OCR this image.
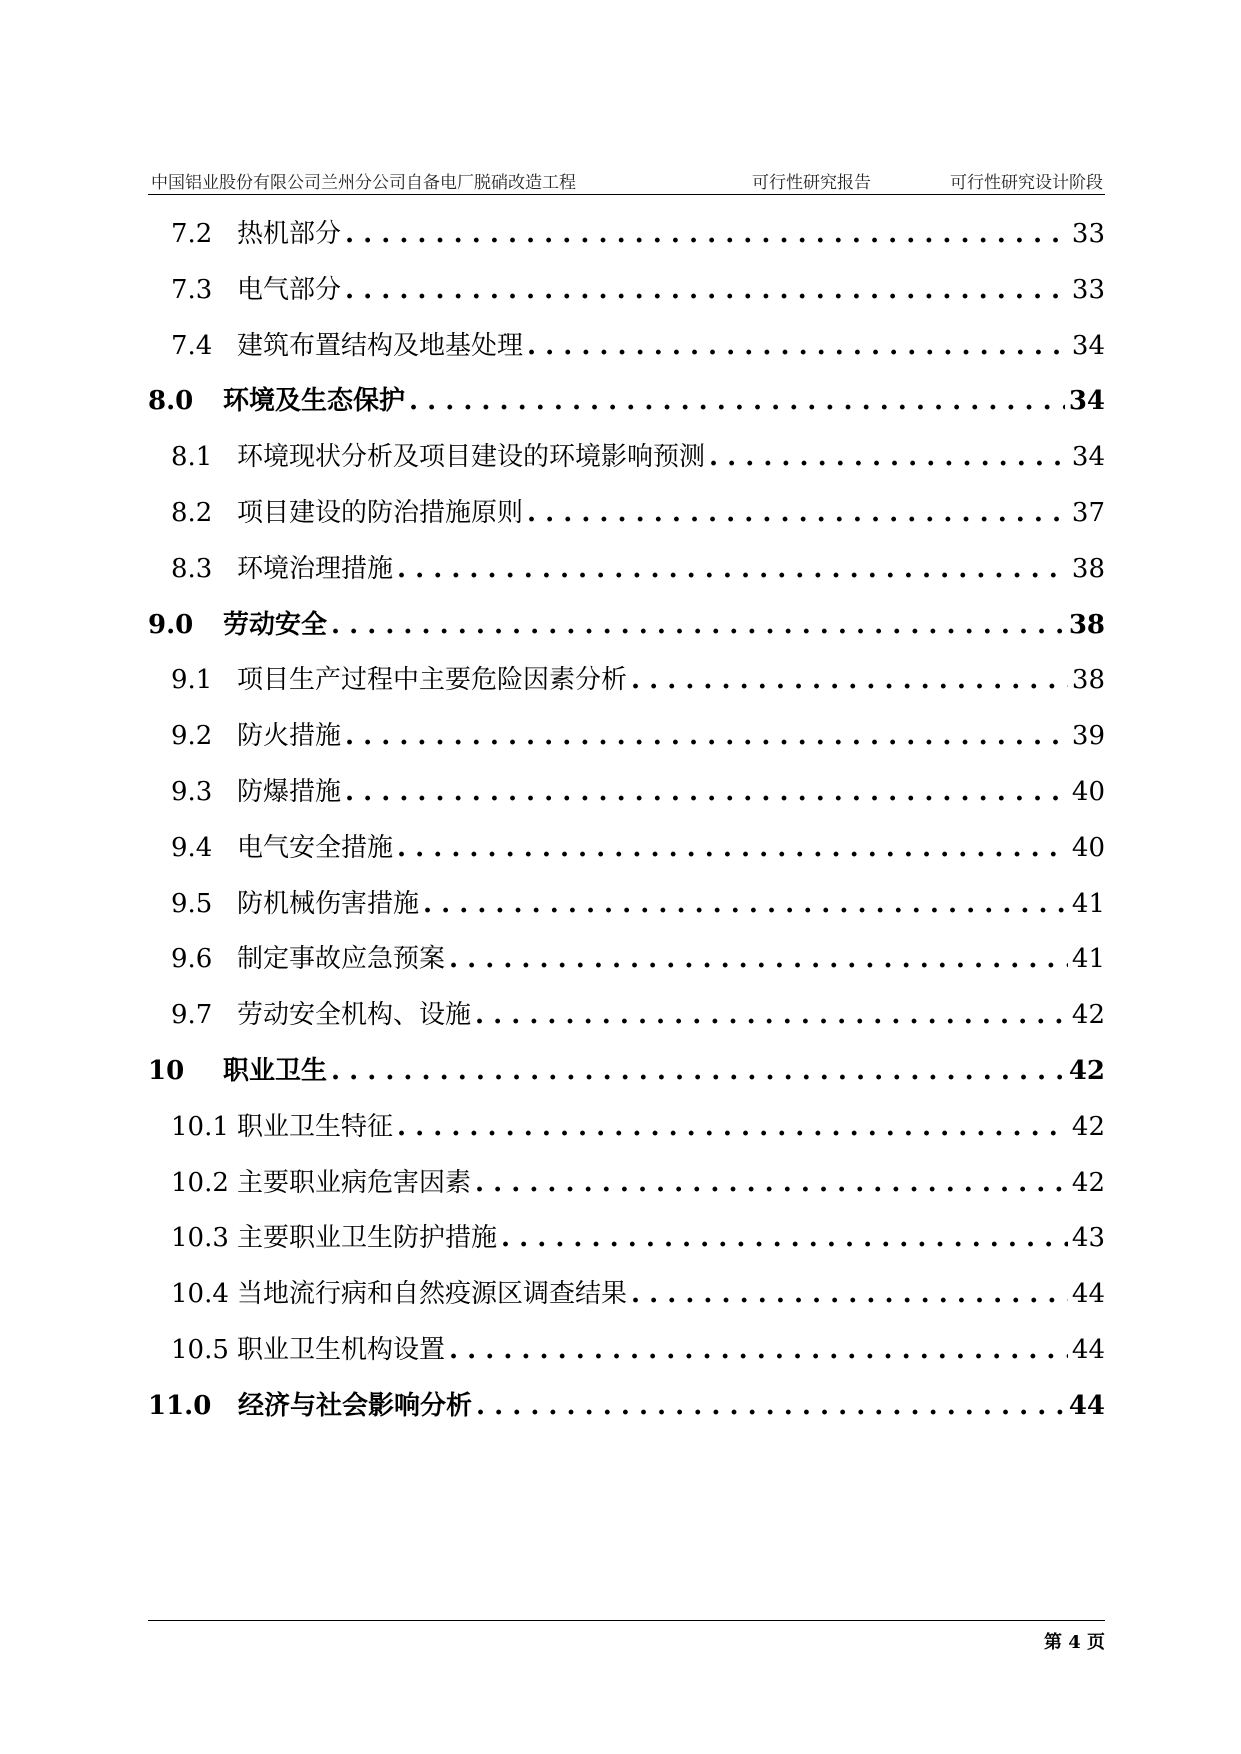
中国铝业股份有限公司兰州分公司自备电厂脱硝改造工程	可行性研究报告	可行性研究设计阶段
7.2 热机部分 . . .	33
7.3 电气部分 . . .	33
7.4 建筑布置结构及地基处理 . . .	34
8.0	环境及生态保护 . . .	34
8.1 环境现状分析及项目建设的环境影响预测 . . .	34
8.2 项目建设的防治措施原则 . . .	37
8.3 环境治理措施 . . .	38
9.0	劳动安全 . . .	38
9.1 项目生产过程中主要危险因素分析 . . .	38
9.2 防火措施 . . .	39
9.3 防爆措施 . . .	40
9.4 电气安全措施 . . .	40
9.5 防机械伤害措施 . . .	41
9.6 制定事故应急预案 . . .	41
9.7 劳动安全机构、设施 . . .	42
10	职业卫生 . . .	42
10.1 职业卫生特征 . . .	42
10.2 主要职业病危害因素 . . .	42
10.3 主要职业卫生防护措施 . . .	43
10.4 当地流行病和自然疫源区调查结果 . . .	44
10.5 职业卫生机构设置 . . .	44
11.0	经济与社会影响分析 . . .	44
第 4 页
